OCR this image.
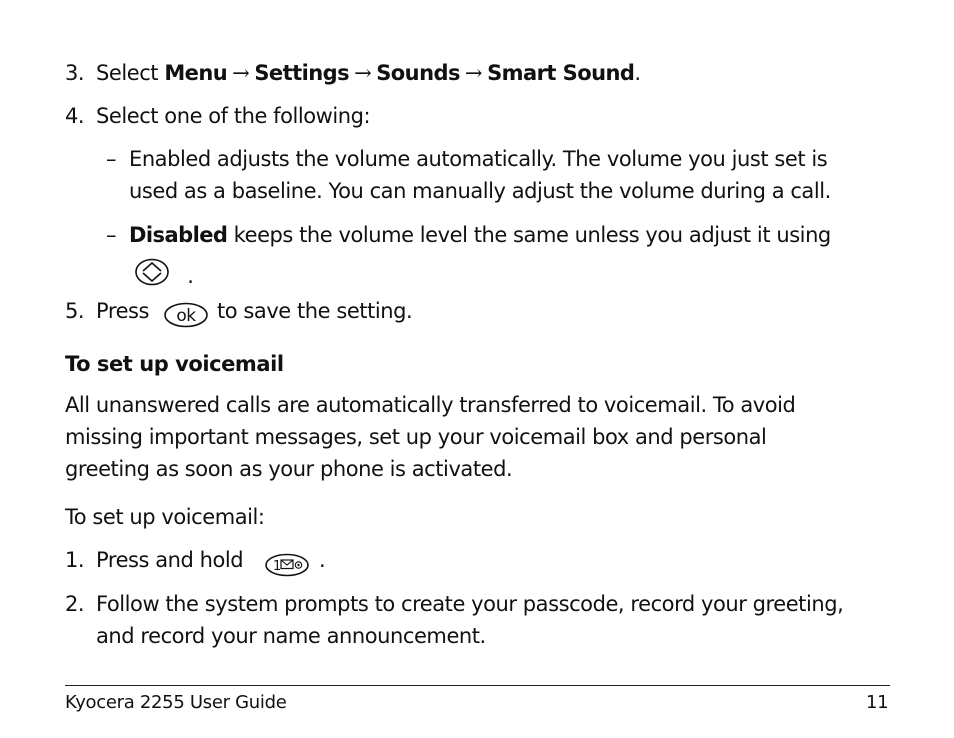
3. Select Menu → Settings → Sounds → Smart Sound.
4. Select one of the following:
– Enabled adjusts the volume automatically. The volume you just set is
used as a baseline. You can manually adjust the volume during a call.
– Disabled keeps the volume level the same unless you adjust it using
.
5. Press ok to save the setting.
To set up voicemail
All unanswered calls are automatically transferred to voicemail. To avoid
missing important messages, set up your voicemail box and personal
greeting as soon as your phone is activated.
To set up voicemail:
1. Press and hold 1 .
2. Follow the system prompts to create your passcode, record your greeting,
and record your name announcement.
Kyocera 2255 User Guide	11
